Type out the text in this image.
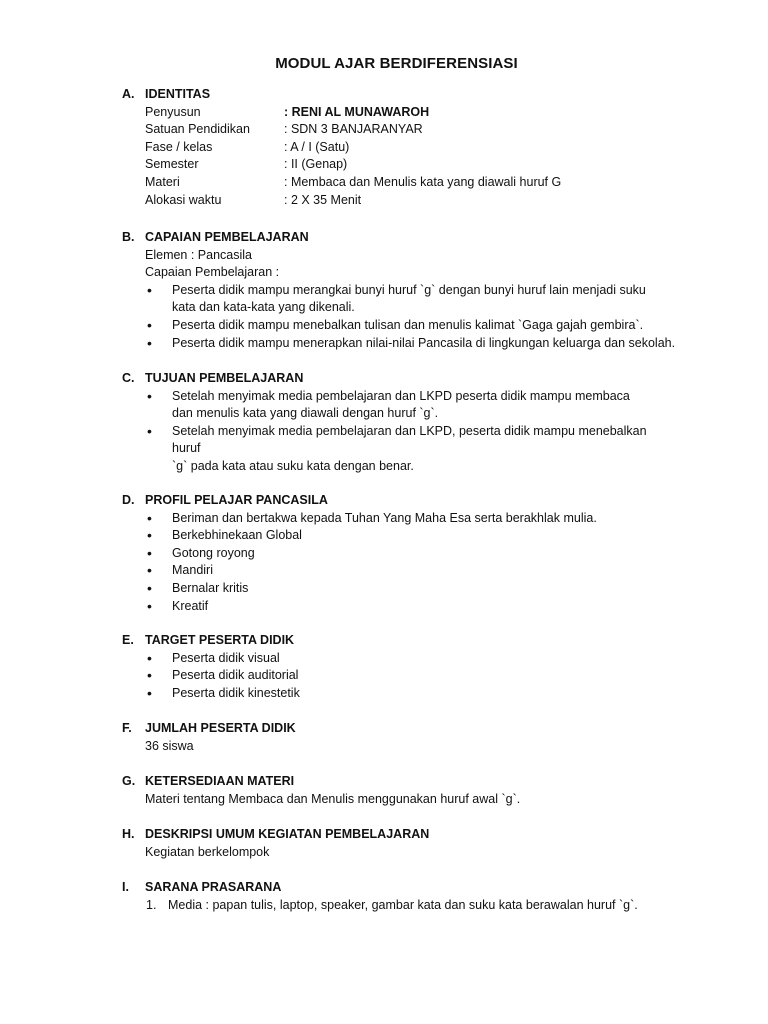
MODUL AJAR BERDIFERENSIASI
A. IDENTITAS
Penyusun	: RENI AL MUNAWAROH
Satuan Pendidikan	: SDN 3 BANJARANYAR
Fase / kelas	: A / I (Satu)
Semester	: II (Genap)
Materi	: Membaca dan Menulis kata yang diawali huruf G
Alokasi waktu	: 2 X 35 Menit
B. CAPAIAN PEMBELAJARAN
Elemen : Pancasila
Capaian Pembelajaran :
• Peserta didik mampu merangkai bunyi huruf `g` dengan bunyi huruf lain menjadi suku
kata dan kata-kata yang dikenali.
• Peserta didik mampu menebalkan tulisan dan menulis kalimat `Gaga gajah gembira`.
• Peserta didik mampu menerapkan nilai-nilai Pancasila di lingkungan keluarga dan sekolah.
C. TUJUAN PEMBELAJARAN
• Setelah menyimak media pembelajaran dan LKPD peserta didik mampu membaca
dan menulis kata yang diawali dengan huruf `g`.
• Setelah menyimak media pembelajaran dan LKPD, peserta didik mampu menebalkan
huruf
`g` pada kata atau suku kata dengan benar.
D. PROFIL PELAJAR PANCASILA
• Beriman dan bertakwa kepada Tuhan Yang Maha Esa serta berakhlak mulia.
• Berkebhinekaan Global
• Gotong royong
• Mandiri
• Bernalar kritis
• Kreatif
E. TARGET PESERTA DIDIK
• Peserta didik visual
• Peserta didik auditorial
• Peserta didik kinestetik
F. JUMLAH PESERTA DIDIK
36 siswa
G. KETERSEDIAAN MATERI
Materi tentang Membaca dan Menulis menggunakan huruf awal `g`.
H. DESKRIPSI UMUM KEGIATAN PEMBELAJARAN
Kegiatan berkelompok
I. SARANA PRASARANA
1. Media : papan tulis, laptop, speaker, gambar kata dan suku kata berawalan huruf `g`.
